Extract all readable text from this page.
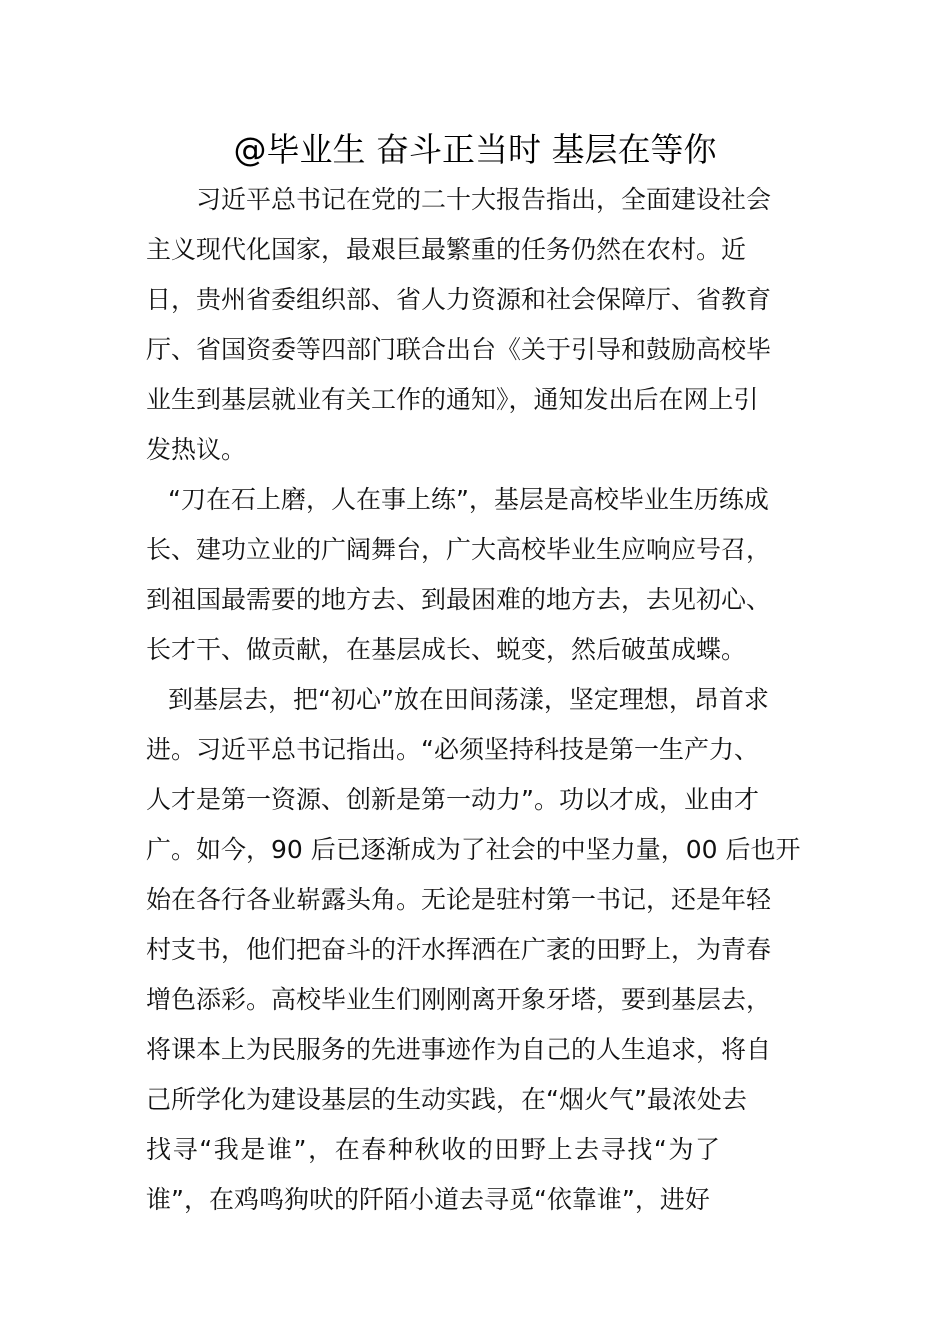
@毕业生 奋斗正当时 基层在等你
　　习近平总书记在党的二十大报告指出，全面建设社会
主义现代化国家，最艰巨最繁重的任务仍然在农村。近
日，贵州省委组织部、省人力资源和社会保障厅、省教育
厅、省国资委等四部门联合出台《关于引导和鼓励高校毕
业生到基层就业有关工作的通知》，通知发出后在网上引
发热议。
“刀在石上磨，人在事上练”，基层是高校毕业生历练成
长、建功立业的广阔舞台，广大高校毕业生应响应号召，
到祖国最需要的地方去、到最困难的地方去，去见初心、
长才干、做贡献，在基层成长、蜕变，然后破茧成蝶。
到基层去，把“初心”放在田间荡漾，坚定理想，昂首求
进。习近平总书记指出。“必须坚持科技是第一生产力、
人才是第一资源、创新是第一动力”。功以才成，业由才
广。如今，90 后已逐渐成为了社会的中坚力量，00 后也开
始在各行各业崭露头角。无论是驻村第一书记，还是年轻
村支书，他们把奋斗的汗水挥洒在广袤的田野上，为青春
增色添彩。高校毕业生们刚刚离开象牙塔，要到基层去，
将课本上为民服务的先进事迹作为自己的人生追求，将自
己所学化为建设基层的生动实践，在“烟火气”最浓处去
找寻“我是谁”，在春种秋收的田野上去寻找“为了
谁”，在鸡鸣狗吠的阡陌小道去寻觅“依靠谁”，进好
